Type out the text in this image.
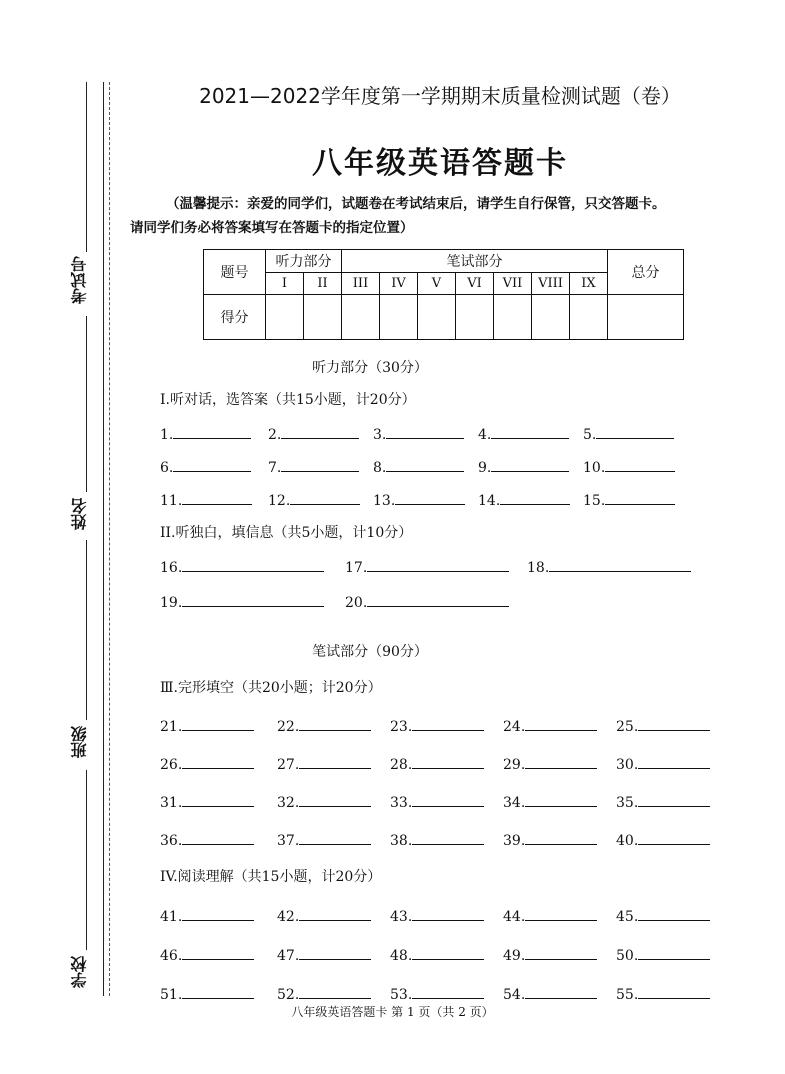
考试号
姓名
班级
学校
2021—2022学年度第一学期期末质量检测试题（卷）
八年级英语答题卡
（温馨提示：亲爱的同学们，试题卷在考试结束后，请学生自行保管，只交答题卡。
请同学们务必将答案填写在答题卡的指定位置）
题号	听力部分		笔试部分							总分
	I	II	III	IV	V	VI	VII	VIII	IX	
得分										
听力部分（30分）
I.听对话，选答案（共15小题，计20分）
II.听独白，填信息（共5小题，计10分）
笔试部分（90分）
Ⅲ.完形填空（共20小题；计20分）
IV.阅读理解（共15小题，计20分）
1.	2.	3.	4.	5.
6.	7.	8.	9.	10.
11.	12.	13.	14.	15.
16.	17.	18.
19.	20.
21.	22.	23.	24.	25.
26.	27.	28.	29.	30.
31.	32.	33.	34.	35.
36.	37.	38.	39.	40.
41.	42.	43.	44.	45.
46.	47.	48.	49.	50.
51.	52.	53.	54.	55.
八年级英语答题卡 第 1 页（共 2 页）
